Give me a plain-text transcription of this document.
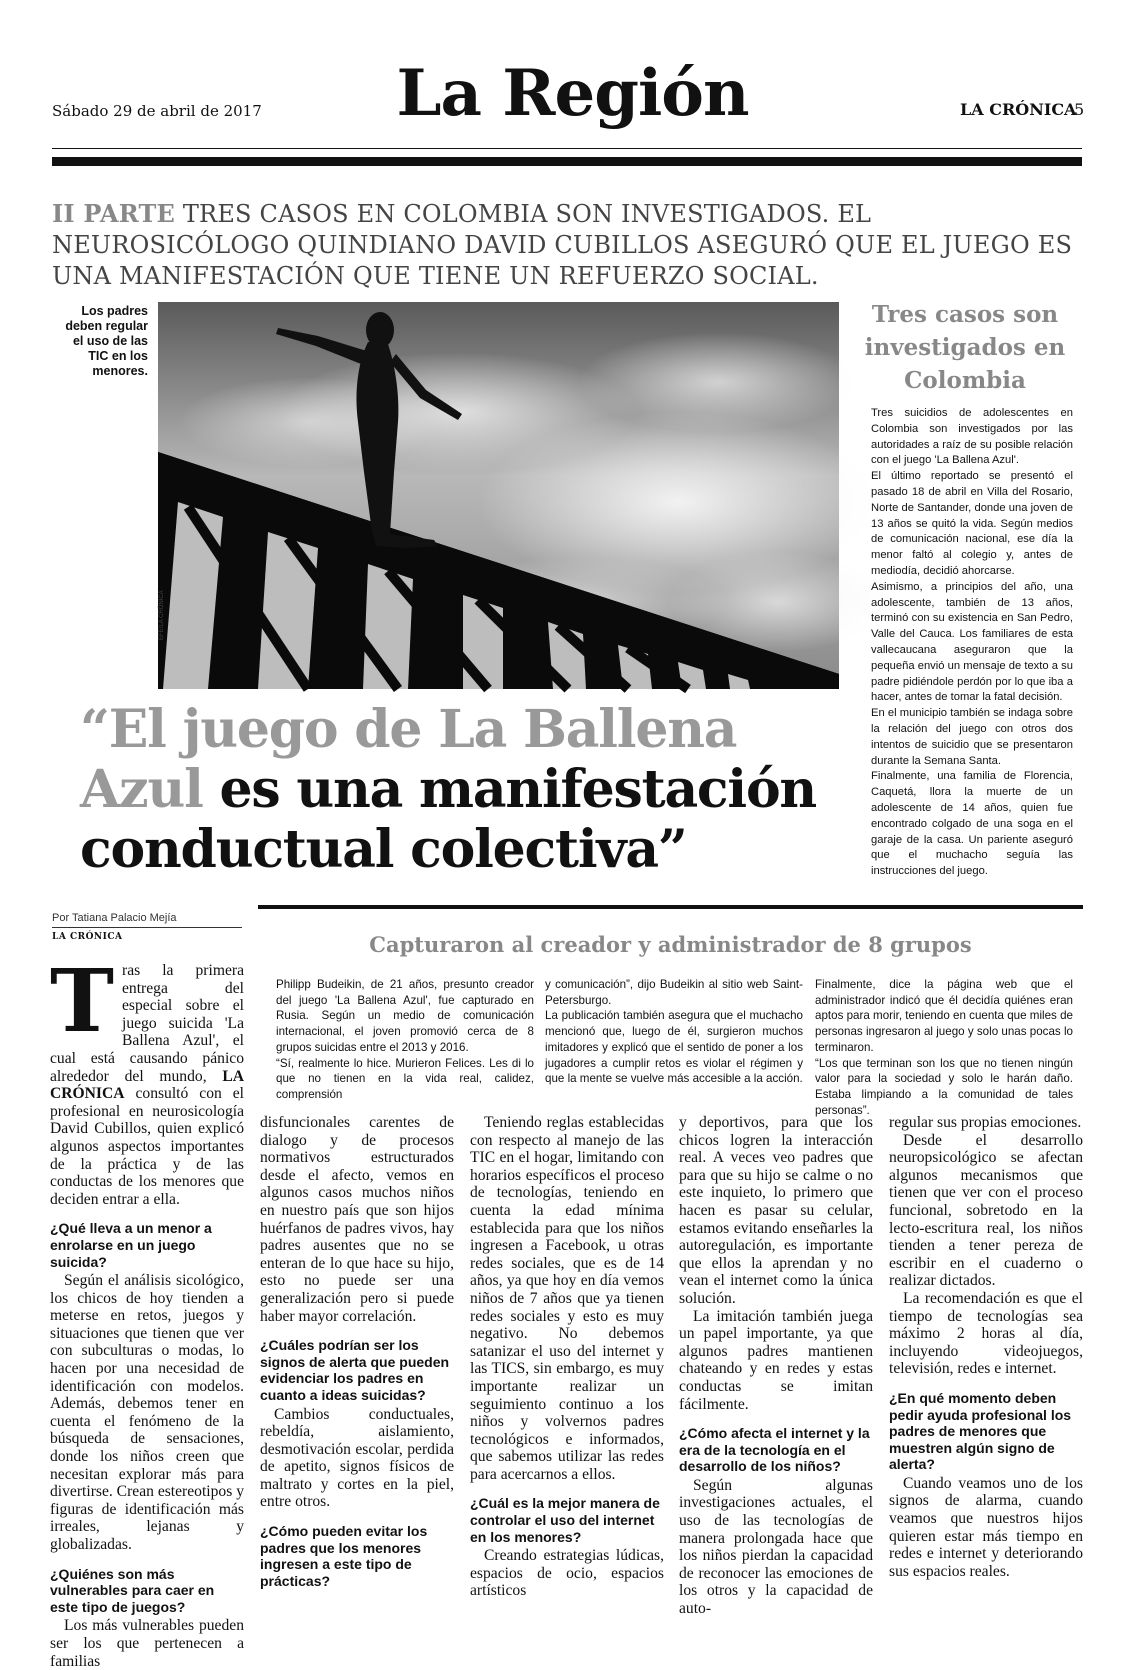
Sábado 29 de abril de 2017	La Región	LA CRÓNICA
5
II PARTE TRES CASOS EN COLOMBIA SON INVESTIGADOS. EL NEUROSICÓLOGO QUINDIANO DAVID CUBILLOS ASEGURÓ QUE EL JUEGO ES UNA MANIFESTACIÓN QUE TIENE UN REFUERZO SOCIAL.
Los padres deben regular el uso de las TIC en los menores.
EFE/LA CRÓNICA
Tres casos son investigados en Colombia

Tres suicidios de adolescentes en Colombia son investigados por las autoridades a raíz de su posible relación con el juego 'La Ballena Azul'.

El último reportado se presentó el pasado 18 de abril en Villa del Rosario, Norte de Santander, donde una joven de 13 años se quitó la vida. Según medios de comunicación nacional, ese día la menor faltó al colegio y, antes de mediodía, decidió ahorcarse.

Asimismo, a principios del año, una adolescente, también de 13 años, terminó con su existencia en San Pedro, Valle del Cauca. Los familiares de esta vallecaucana aseguraron que la pequeña envió un mensaje de texto a su padre pidiéndole perdón por lo que iba a hacer, antes de tomar la fatal decisión.

En el municipio también se indaga sobre la relación del juego con otros dos intentos de suicidio que se presentaron durante la Semana Santa.

Finalmente, una familia de Florencia, Caquetá, llora la muerte de un adolescente de 14 años, quien fue encontrado colgado de una soga en el garaje de la casa. Un pariente aseguró que el muchacho seguía las instrucciones del juego.

“El juego de La Ballena
Azul es una manifestación
conductual colectiva”
Por Tatiana Palacio Mejía
LA CRÓNICA	Capturaron al creador y administrador de 8 grupos

Philipp Budeikin, de 21 años, presunto creador del juego 'La Ballena Azul', fue capturado en Rusia. Según un medio de comunicación internacional, el joven promovió cerca de 8 grupos suicidas entre el 2013 y 2016.

“Sí, realmente lo hice. Murieron Felices. Les di lo que no tienen en la vida real, calidez, comprensión

y comunicación”, dijo Budeikin al sitio web Saint-Petersburgo.

La publicación también asegura que el muchacho mencionó que, luego de él, surgieron muchos imitadores y explicó que el sentido de poner a los jugadores a cumplir retos es violar el régimen y que la mente se vuelve más accesible a la acción.

Finalmente, dice la página web que el administrador indicó que él decidía quiénes eran aptos para morir, teniendo en cuenta que miles de personas ingresaron al juego y solo unas pocas lo terminaron.

“Los que terminan son los que no tienen ningún valor para la sociedad y solo le harán daño. Estaba limpiando a la comunidad de tales personas”.

Tras la primera entrega del especial sobre el juego suicida 'La Ballena Azul', el cual está causando pánico alrededor del mundo, LA CRÓNICA consultó con el profesional en neurosicología David Cubillos, quien explicó algunos aspectos importantes de la práctica y de las conductas de los menores que deciden entrar a ella.

¿Qué lleva a un menor a enrolarse en un juego suicida?

Según el análisis sicológico, los chicos de hoy tienden a meterse en retos, juegos y situaciones que tienen que ver con subculturas o modas, lo hacen por una necesidad de identificación con modelos. Además, debemos tener en cuenta el fenómeno de la búsqueda de sensaciones, donde los niños creen que necesitan explorar más para divertirse. Crean estereotipos y figuras de identificación más irreales, lejanas y globalizadas.

¿Quiénes son más vulnerables para caer en este tipo de juegos?

Los más vulnerables pueden ser los que pertenecen a familias

disfuncionales carentes de dialogo y de procesos normativos estructurados desde el afecto, vemos en algunos casos muchos niños en nuestro país que son hijos huérfanos de padres vivos, hay padres ausentes que no se enteran de lo que hace su hijo, esto no puede ser una generalización pero si puede haber mayor correlación.

¿Cuáles podrían ser los signos de alerta que pueden evidenciar los padres en cuanto a ideas suicidas?

Cambios conductuales, rebeldía, aislamiento, desmotivación escolar, perdida de apetito, signos físicos de maltrato y cortes en la piel, entre otros.

¿Cómo pueden evitar los padres que los menores ingresen a este tipo de prácticas?

Teniendo reglas establecidas con respecto al manejo de las TIC en el hogar, limitando con horarios específicos el proceso de tecnologías, teniendo en cuenta la edad mínima establecida para que los niños ingresen a Facebook, u otras redes sociales, que es de 14 años, ya que hoy en día vemos niños de 7 años que ya tienen redes sociales y esto es muy negativo. No debemos satanizar el uso del internet y las TICS, sin embargo, es muy importante realizar un seguimiento continuo a los niños y volvernos padres tecnológicos e informados, que sabemos utilizar las redes para acercarnos a ellos.

¿Cuál es la mejor manera de controlar el uso del internet en los menores?

Creando estrategias lúdicas, espacios de ocio, espacios artísticos

y deportivos, para que los chicos logren la interacción real. A veces veo padres que para que su hijo se calme o no este inquieto, lo primero que hacen es pasar su celular, estamos evitando enseñarles la autoregulación, es importante que ellos la aprendan y no vean el internet como la única solución.

La imitación también juega un papel importante, ya que algunos padres mantienen chateando y en redes y estas conductas se imitan fácilmente.

¿Cómo afecta el internet y la era de la tecnología en el desarrollo de los niños?

Según algunas investigaciones actuales, el uso de las tecnologías de manera prolongada hace que los niños pierdan la capacidad de reconocer las emociones de los otros y la capacidad de auto-

regular sus propias emociones.

Desde el desarrollo neuropsicológico se afectan algunos mecanismos que tienen que ver con el proceso funcional, sobretodo en la lecto-escritura real, los niños tienden a tener pereza de escribir en el cuaderno o realizar dictados.

La recomendación es que el tiempo de tecnologías sea máximo 2 horas al día, incluyendo videojuegos, televisión, redes e internet.

¿En qué momento deben pedir ayuda profesional los padres de menores que muestren algún signo de alerta?

Cuando veamos uno de los signos de alarma, cuando veamos que nuestros hijos quieren estar más tiempo en redes e internet y deteriorando sus espacios reales.
